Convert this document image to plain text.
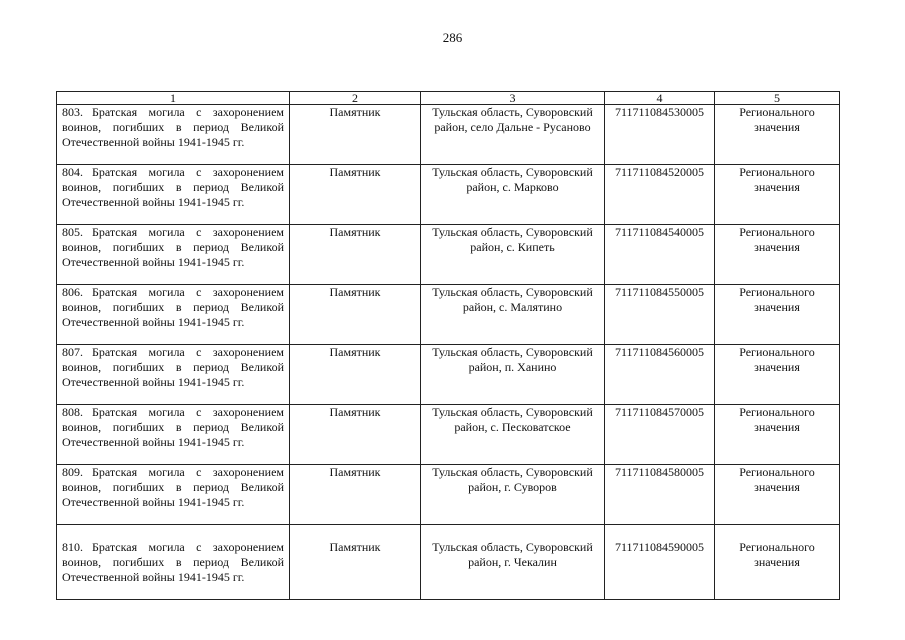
286
1	2	3	4	5
803. Братская могила с захоронением воинов, погибших в период Великой Отечественной войны 1941-1945 гг.	Памятник	Тульская область, Суворовский район, село Дальне - Русаново	711711084530005	Регионального значения
804. Братская могила с захоронением воинов, погибших в период Великой Отечественной войны 1941-1945 гг.	Памятник	Тульская область, Суворовский район, с. Марково	711711084520005	Регионального значения
805. Братская могила с захоронением воинов, погибших в период Великой Отечественной войны 1941-1945 гг.	Памятник	Тульская область, Суворовский район, с. Кипеть	711711084540005	Регионального значения
806. Братская могила с захоронением воинов, погибших в период Великой Отечественной войны 1941-1945 гг.	Памятник	Тульская область, Суворовский район, с. Малятино	711711084550005	Регионального значения
807. Братская могила с захоронением воинов, погибших в период Великой Отечественной войны 1941-1945 гг.	Памятник	Тульская область, Суворовский район, п. Ханино	711711084560005	Регионального значения
808. Братская могила с захоронением воинов, погибших в период Великой Отечественной войны 1941-1945 гг.	Памятник	Тульская область, Суворовский район, с. Песковатское	711711084570005	Регионального значения
809. Братская могила с захоронением воинов, погибших в период Великой Отечественной войны 1941-1945 гг.	Памятник	Тульская область, Суворовский район, г. Суворов	711711084580005	Регионального значения

810. Братская могила с захоронением воинов, погибших в период Великой Отечественной войны 1941-1945 гг.	Памятник	Тульская область, Суворовский район, г. Чекалин	711711084590005	Регионального значения
